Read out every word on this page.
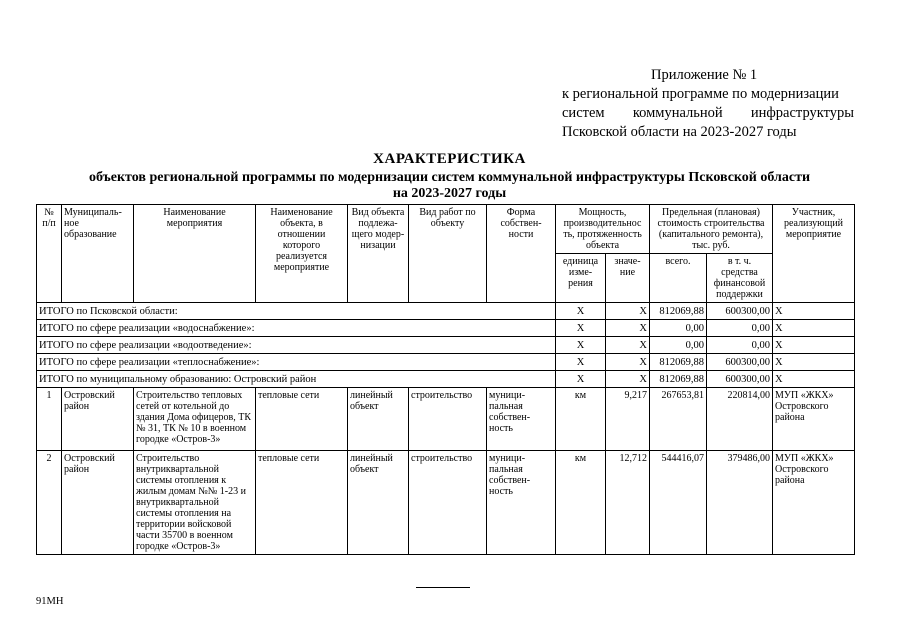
Приложение № 1
к региональной программе по модернизации
систем коммунальной инфраструктуры
Псковской области на 2023-2027 годы
ХАРАКТЕРИСТИКА
объектов региональной программы по модернизации систем коммунальной инфраструктуры Псковской области
на 2023-2027 годы
№ п/п	Муниципаль-ное образование	Наименование мероприятия	Наименование объекта, в отношении которого реализуется мероприятие	Вид объекта подлежа-щего модер-низации	Вид работ по объекту	Форма собствен-ности	Мощность, производительнос ть, протяженность объекта		Предельная (плановая) стоимость строительства (капитального ремонта), тыс. руб.		Участник, реализующий мероприятие
							единица изме-рения	значе-ние	всего.	в т. ч. средства финансовой поддержки	
ИТОГО по Псковской области:							X	X	812069,88	600300,00	X
ИТОГО по сфере реализации «водоснабжение»:							X	X	0,00	0,00	X
ИТОГО по сфере реализации «водоотведение»:							X	X	0,00	0,00	X
ИТОГО по сфере реализации «теплоснабжение»:							X	X	812069,88	600300,00	X
ИТОГО по муниципальному образованию: Островский район							X	X	812069,88	600300,00	X
1	Островский район	Строительство тепловых сетей от котельной до здания Дома офицеров, ТК № 31, ТК № 10 в военном городке «Остров-3»	тепловые сети	линейный объект	строительство	муници-пальная собствен-ность	км	9,217	267653,81	220814,00	МУП «ЖКХ» Островского района
2	Островский район	Строительство внутриквартальной системы отопления к жилым домам №№ 1-23 и внутриквартальной системы отопления на территории войсковой части 35700 в военном городке «Остров-3»	тепловые сети	линейный объект	строительство	муници-пальная собствен-ность	км	12,712	544416,07	379486,00	МУП «ЖКХ» Островского района
91МН
